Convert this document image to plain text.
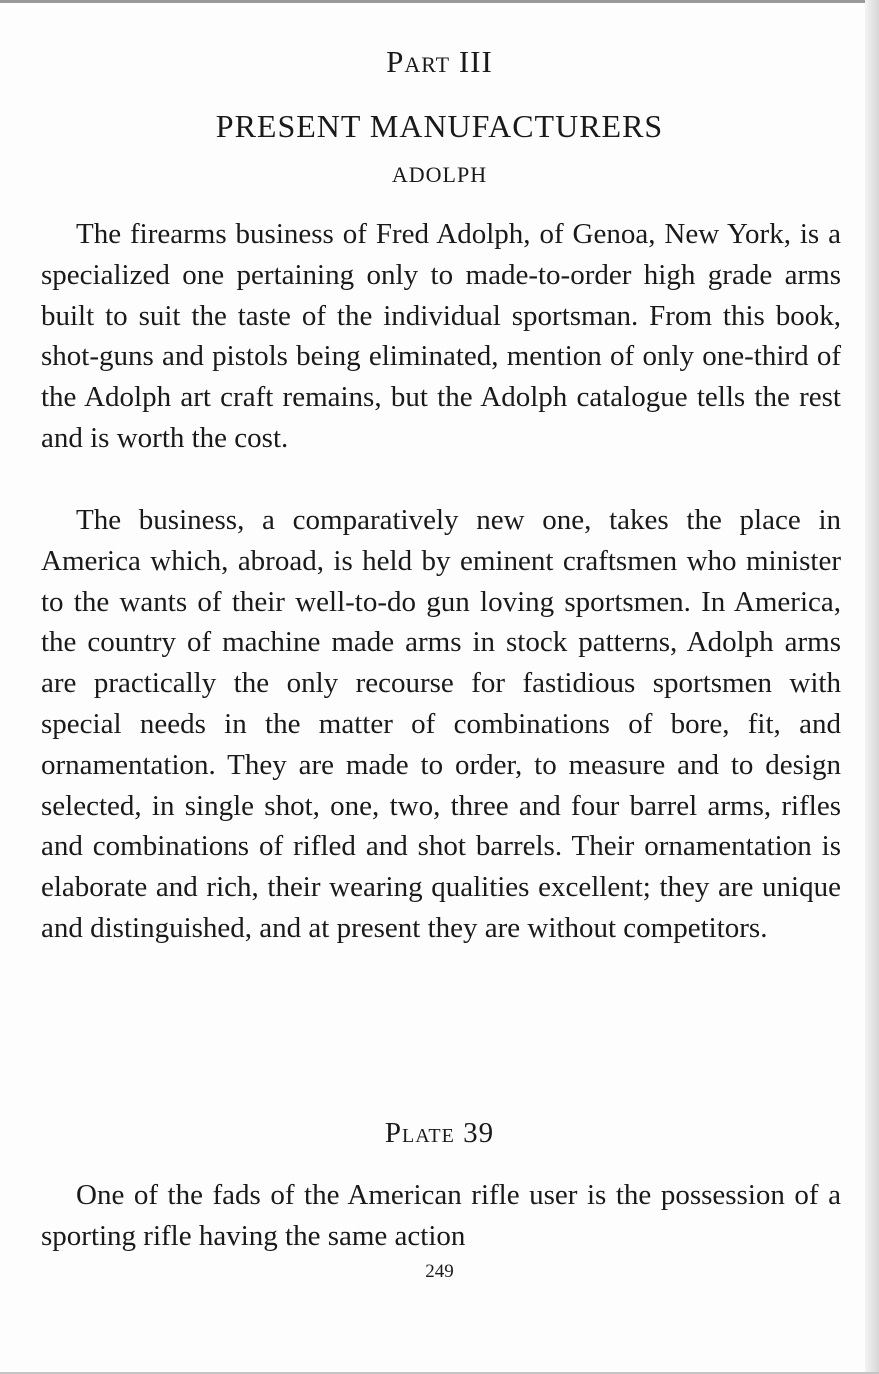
Part III
PRESENT MANUFACTURERS
ADOLPH
The firearms business of Fred Adolph, of Genoa, New York, is a specialized one pertaining only to made-to-order high grade arms built to suit the taste of the individual sportsman. From this book, shot-guns and pistols being eliminated, mention of only one-third of the Adolph art craft remains, but the Adolph catalogue tells the rest and is worth the cost.
The business, a comparatively new one, takes the place in America which, abroad, is held by eminent craftsmen who minister to the wants of their well-to-do gun loving sportsmen. In America, the country of machine made arms in stock patterns, Adolph arms are practically the only recourse for fastidious sportsmen with special needs in the matter of combinations of bore, fit, and ornamentation. They are made to order, to measure and to design selected, in single shot, one, two, three and four barrel arms, rifles and combinations of rifled and shot barrels. Their ornamentation is elaborate and rich, their wearing qualities excellent; they are unique and distinguished, and at present they are without competitors.
Plate 39
One of the fads of the American rifle user is the possession of a sporting rifle having the same action
249
